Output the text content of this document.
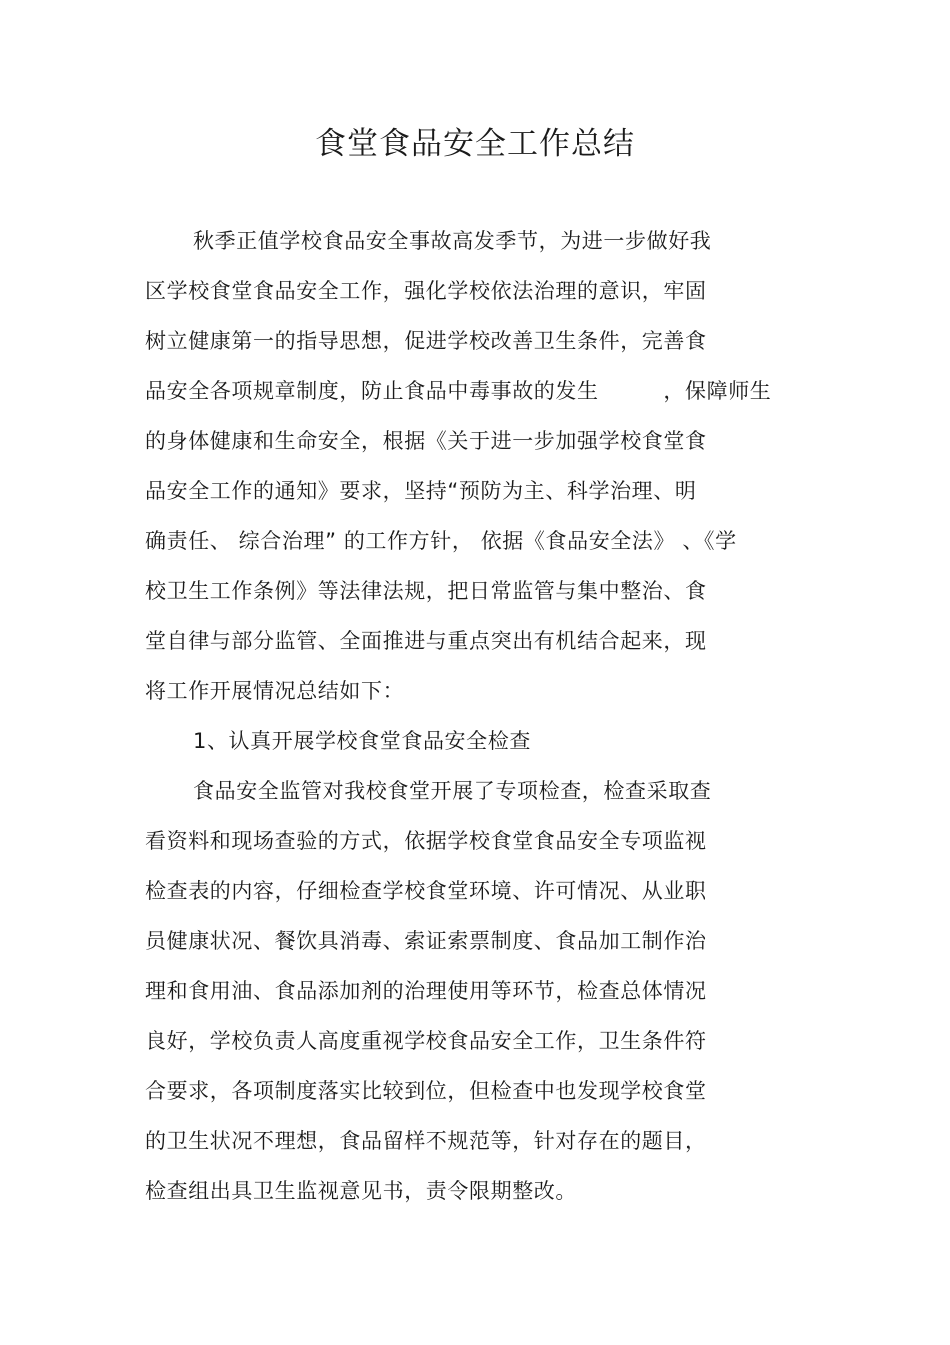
食堂食品安全工作总结
秋季正值学校食品安全事故高发季节，为进一步做好我
区学校食堂食品安全工作，强化学校依法治理的意识，牢固
树立健康第一的指导思想，促进学校改善卫生条件，完善食
品安全各项规章制度，防止食品中毒事故的发生　　　，保障师生
的身体健康和生命安全，根据《关于进一步加强学校食堂食
品安全工作的通知》要求，坚持“预防为主、科学治理、明
确责任、 综合治理” 的工作方针， 依据《食品安全法》 、《学
校卫生工作条例》等法律法规，把日常监管与集中整治、食
堂自律与部分监管、全面推进与重点突出有机结合起来，现
将工作开展情况总结如下：
1、认真开展学校食堂食品安全检查
食品安全监管对我校食堂开展了专项检查，检查采取查
看资料和现场查验的方式，依据学校食堂食品安全专项监视
检查表的内容，仔细检查学校食堂环境、许可情况、从业职
员健康状况、餐饮具消毒、索证索票制度、食品加工制作治
理和食用油、食品添加剂的治理使用等环节，检查总体情况
良好，学校负责人高度重视学校食品安全工作，卫生条件符
合要求，各项制度落实比较到位，但检查中也发现学校食堂
的卫生状况不理想，食品留样不规范等，针对存在的题目，
检查组出具卫生监视意见书，责令限期整改。
